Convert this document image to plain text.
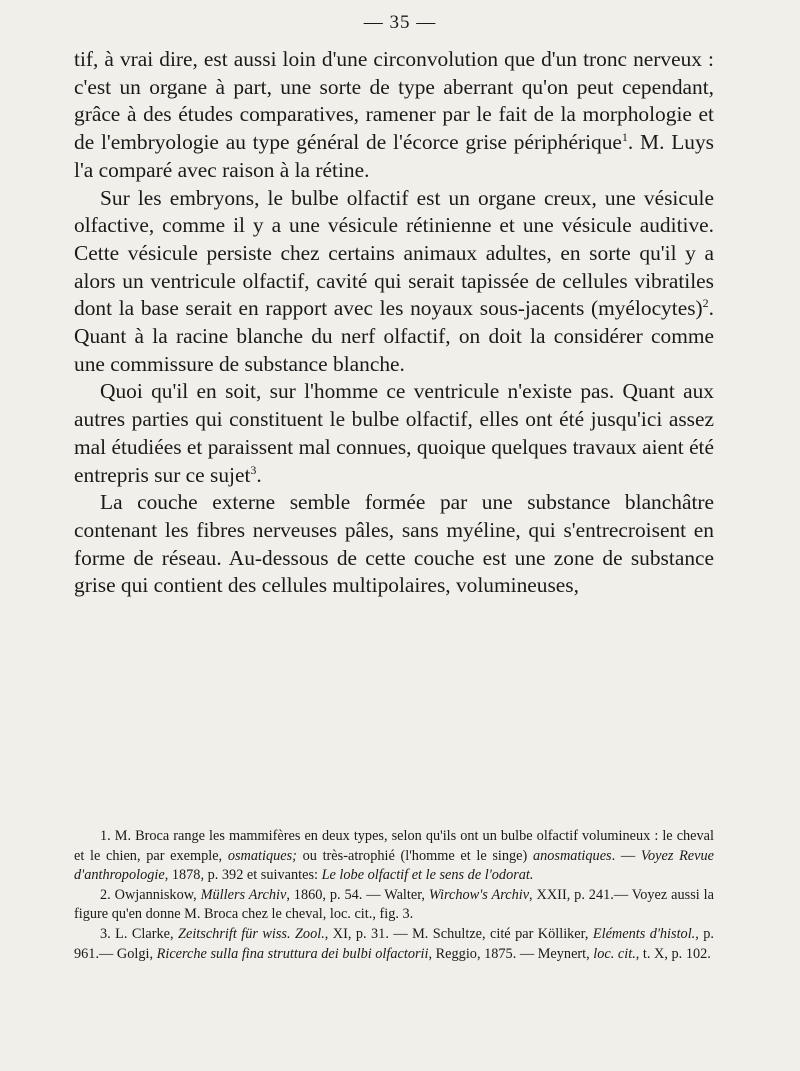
— 35 —

tif, à vrai dire, est aussi loin d'une circonvolution que d'un tronc nerveux : c'est un organe à part, une sorte de type aberrant qu'on peut cependant, grâce à des études comparatives, ramener par le fait de la morphologie et de l'embryologie au type général de l'écorce grise périphérique$^1$. M. Luys l'a comparé avec raison à la rétine.

Sur les embryons, le bulbe olfactif est un organe creux, une vésicule olfactive, comme il y a une vésicule rétinienne et une vésicule auditive. Cette vésicule persiste chez certains animaux adultes, en sorte qu'il y a alors un ventricule olfactif, cavité qui serait tapissée de cellules vibratiles dont la base serait en rapport avec les noyaux sous-jacents (myélocytes)$^2$. Quant à la racine blanche du nerf olfactif, on doit la considérer comme une commissure de substance blanche.

Quoi qu'il en soit, sur l'homme ce ventricule n'existe pas. Quant aux autres parties qui constituent le bulbe olfactif, elles ont été jusqu'ici assez mal étudiées et paraissent mal connues, quoique quelques travaux aient été entrepris sur ce sujet$^3$.

La couche externe semble formée par une substance blanchâtre contenant les fibres nerveuses pâles, sans myéline, qui s'entrecroisent en forme de réseau. Au-dessous de cette couche est une zone de substance grise qui contient des cellules multipolaires, volumineuses,

1. M. Broca range les mammifères en deux types, selon qu'ils ont un bulbe olfactif volumineux : le cheval et le chien, par exemple, osmatiques; ou très-atrophié (l'homme et le singe) anosmatiques. — Voyez Revue d'anthropologie, 1878, p. 392 et suivantes: Le lobe olfactif et le sens de l'odorat.

2. Owjanniskow, Müllers Archiv, 1860, p. 54. — Walter, Wirchow's Archiv, XXII, p. 241.— Voyez aussi la figure qu'en donne M. Broca chez le cheval, loc. cit., fig. 3.

3. L. Clarke, Zeitschrift für wiss. Zool., XI, p. 31. — M. Schultze, cité par Kölliker, Eléments d'histol., p. 961.— Golgi, Ricerche sulla fina struttura dei bulbi olfactorii, Reggio, 1875. — Meynert, loc. cit., t. X, p. 102.
